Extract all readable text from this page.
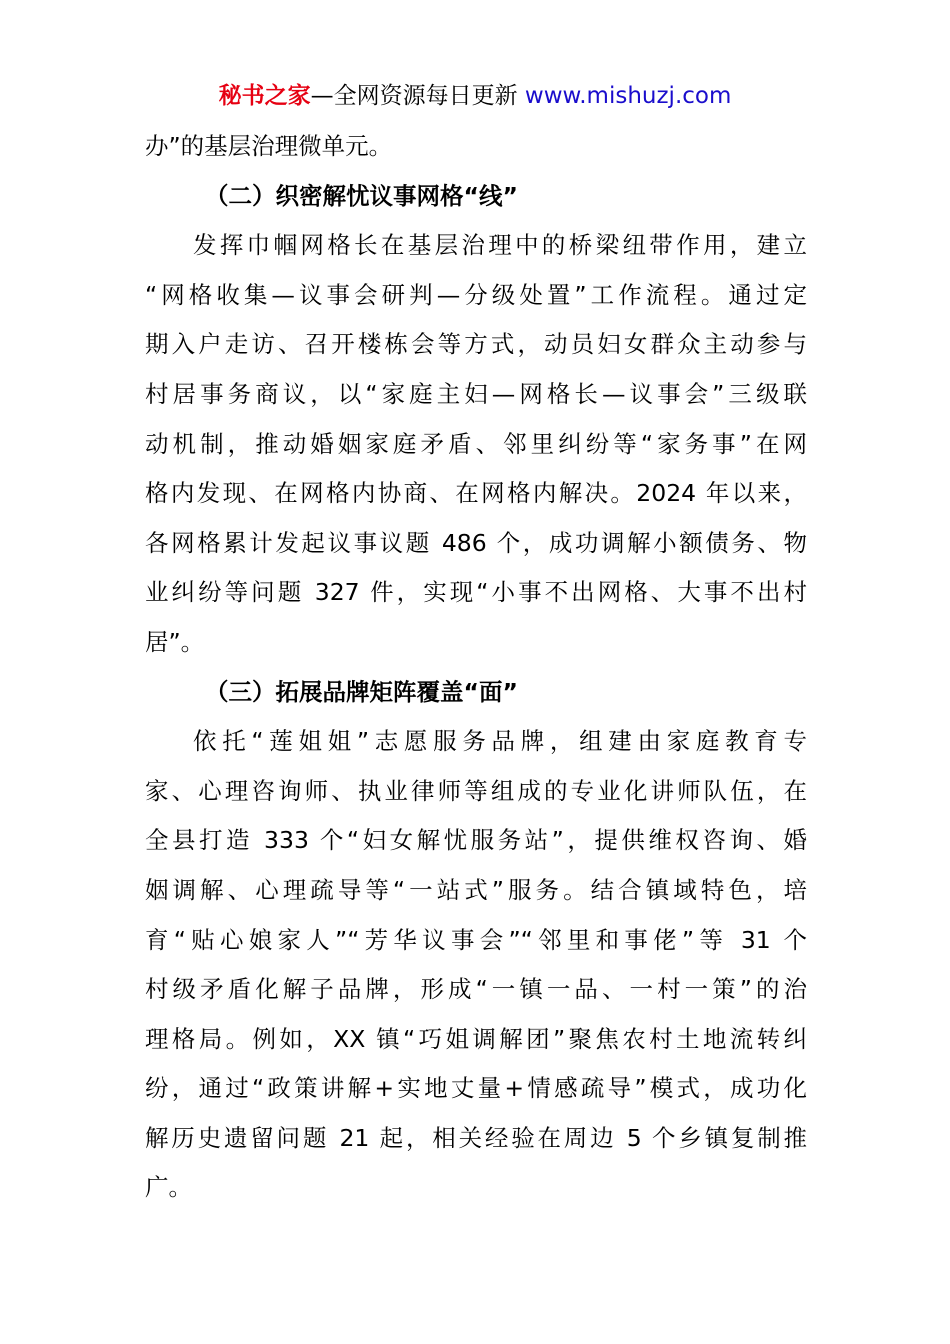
秘书之家—全网资源每日更新 www.mishuzj.com
办”的基层治理微单元。
（二）织密解忧议事网格“线”
发挥巾帼网格长在基层治理中的桥梁纽带作用，建立
“网格收集—议事会研判—分级处置”工作流程。通过定
期入户走访、召开楼栋会等方式，动员妇女群众主动参与
村居事务商议，以“家庭主妇—网格长—议事会”三级联
动机制，推动婚姻家庭矛盾、邻里纠纷等“家务事”在网
格内发现、在网格内协商、在网格内解决。2024 年以来，
各网格累计发起议事议题 486 个，成功调解小额债务、物
业纠纷等问题 327 件，实现“小事不出网格、大事不出村
居”。
（三）拓展品牌矩阵覆盖“面”
依托“莲姐姐”志愿服务品牌，组建由家庭教育专
家、心理咨询师、执业律师等组成的专业化讲师队伍，在
全县打造 333 个“妇女解忧服务站”，提供维权咨询、婚
姻调解、心理疏导等“一站式”服务。结合镇域特色，培
育“贴心娘家人”“芳华议事会”“邻里和事佬”等 31 个
村级矛盾化解子品牌，形成“一镇一品、一村一策”的治
理格局。例如，XX 镇“巧姐调解团”聚焦农村土地流转纠
纷，通过“政策讲解+实地丈量+情感疏导”模式，成功化
解历史遗留问题 21 起，相关经验在周边 5 个乡镇复制推
广。
